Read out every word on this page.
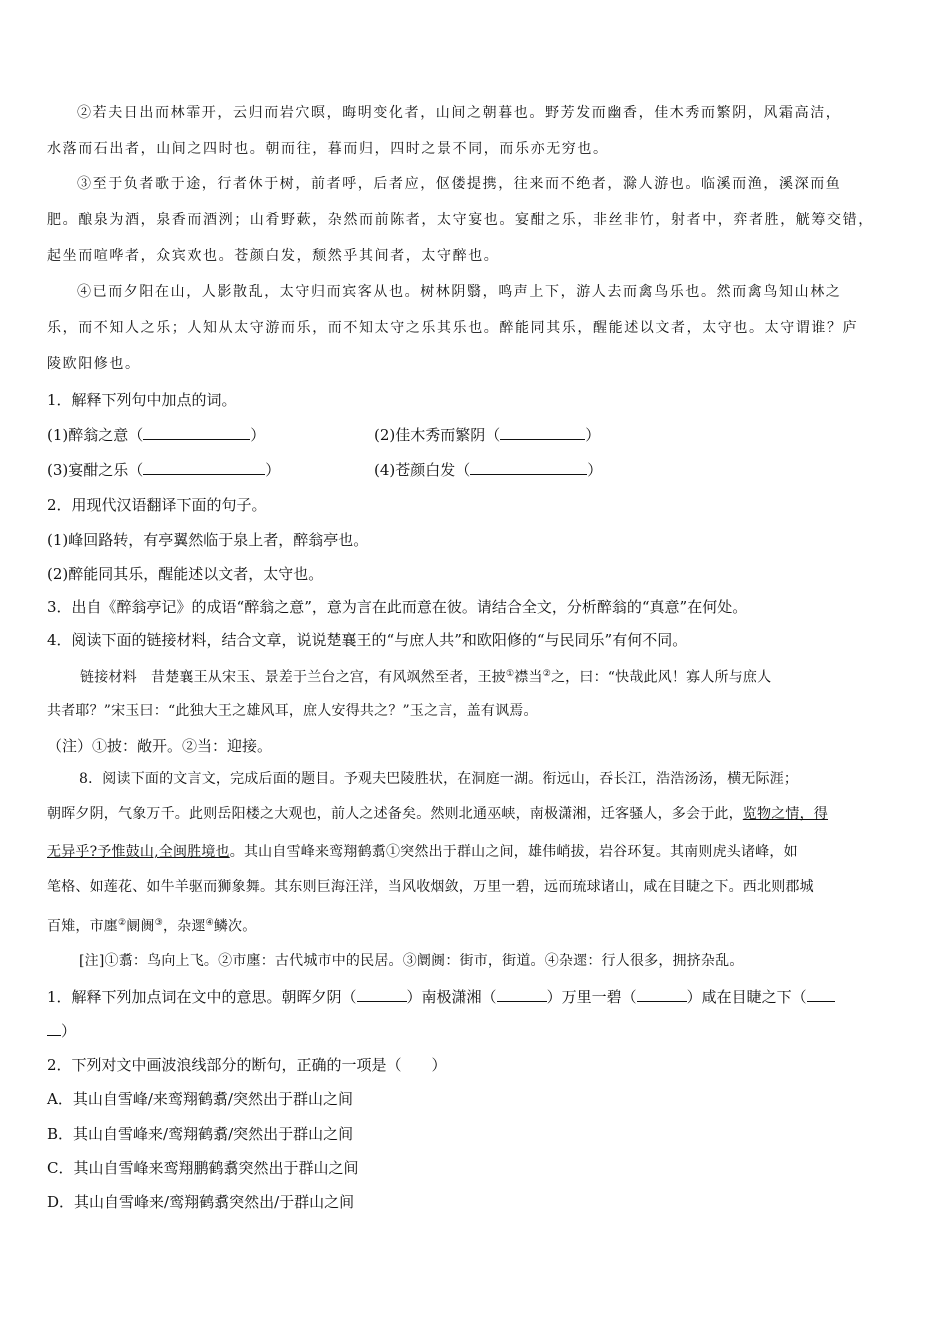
②若夫日出而林霏开，云归而岩穴暝，晦明变化者，山间之朝暮也。野芳发而幽香，佳木秀而繁阴，风霜高洁，
水落而石出者，山间之四时也。朝而往，暮而归，四时之景不同，而乐亦无穷也。
③至于负者歌于途，行者休于树，前者呼，后者应，伛偻提携，往来而不绝者，滁人游也。临溪而渔，溪深而鱼
肥。酿泉为酒，泉香而酒洌；山肴野蔌，杂然而前陈者，太守宴也。宴酣之乐，非丝非竹，射者中，弈者胜，觥筹交错，
起坐而喧哗者，众宾欢也。苍颜白发，颓然乎其间者，太守醉也。
④已而夕阳在山，人影散乱，太守归而宾客从也。树林阴翳，鸣声上下，游人去而禽鸟乐也。然而禽鸟知山林之
乐，而不知人之乐；人知从太守游而乐，而不知太守之乐其乐也。醉能同其乐，醒能述以文者，太守也。太守谓谁？庐
陵欧阳修也。
1．解释下列句中加点的词。
(1)醉翁之意（	）	(2)佳木秀而繁阴（	）
(3)宴酣之乐（	）	(4)苍颜白发（	）
2．用现代汉语翻译下面的句子。
(1)峰回路转，有亭翼然临于泉上者，醉翁亭也。
(2)醉能同其乐，醒能述以文者，太守也。
3．出自《醉翁亭记》的成语“醉翁之意”，意为言在此而意在彼。请结合全文，分析醉翁的“真意”在何处。
4．阅读下面的链接材料，结合文章，说说楚襄王的“与庶人共”和欧阳修的“与民同乐”有何不同。
链接材料　昔楚襄王从宋玉、景差于兰台之宫，有风飒然至者，王披①襟当②之，曰：“快哉此风！寡人所与庶人
共者耶？”宋玉曰：“此独大王之雄风耳，庶人安得共之？”玉之言，盖有讽焉。
（注）①披：敞开。②当：迎接。
8．阅读下面的文言文，完成后面的题目。予观夫巴陵胜状，在洞庭一湖。衔远山，吞长江，浩浩汤汤，横无际涯；
朝晖夕阴，气象万千。此则岳阳楼之大观也，前人之述备矣。然则北通巫峡，南极潇湘，迁客骚人，多会于此，览物之情，得
无异乎?予惟鼓山,全闽胜境也。其山自雪峰来鸾翔鹤翥①突然出于群山之间，雄伟峭拔，岩谷环复。其南则虎头诸峰，如
笔格、如莲花、如牛羊驱而狮象舞。其东则巨海汪洋，当风收烟敛，万里一碧，远而琉球诸山，咸在目睫之下。西北则郡城
百雉，市廛②阛阓③，杂遝④鳞次。
[注]①翥：鸟向上飞。②市廛：古代城市中的民居。③阛阓：街市，街道。④杂遝：行人很多，拥挤杂乱。
1．解释下列加点词在文中的意思。朝晖夕阴（	）南极潇湘（	）万里一碧（	）咸在目睫之下（
）
2．下列对文中画波浪线部分的断句，正确的一项是（　　）
A．其山自雪峰/来鸾翔鹤翥/突然出于群山之间
B．其山自雪峰来/鸾翔鹤翥/突然出于群山之间
C．其山自雪峰来鸾翔鹏鹤翥突然出于群山之间
D．其山自雪峰来/鸾翔鹤翥突然出/于群山之间
